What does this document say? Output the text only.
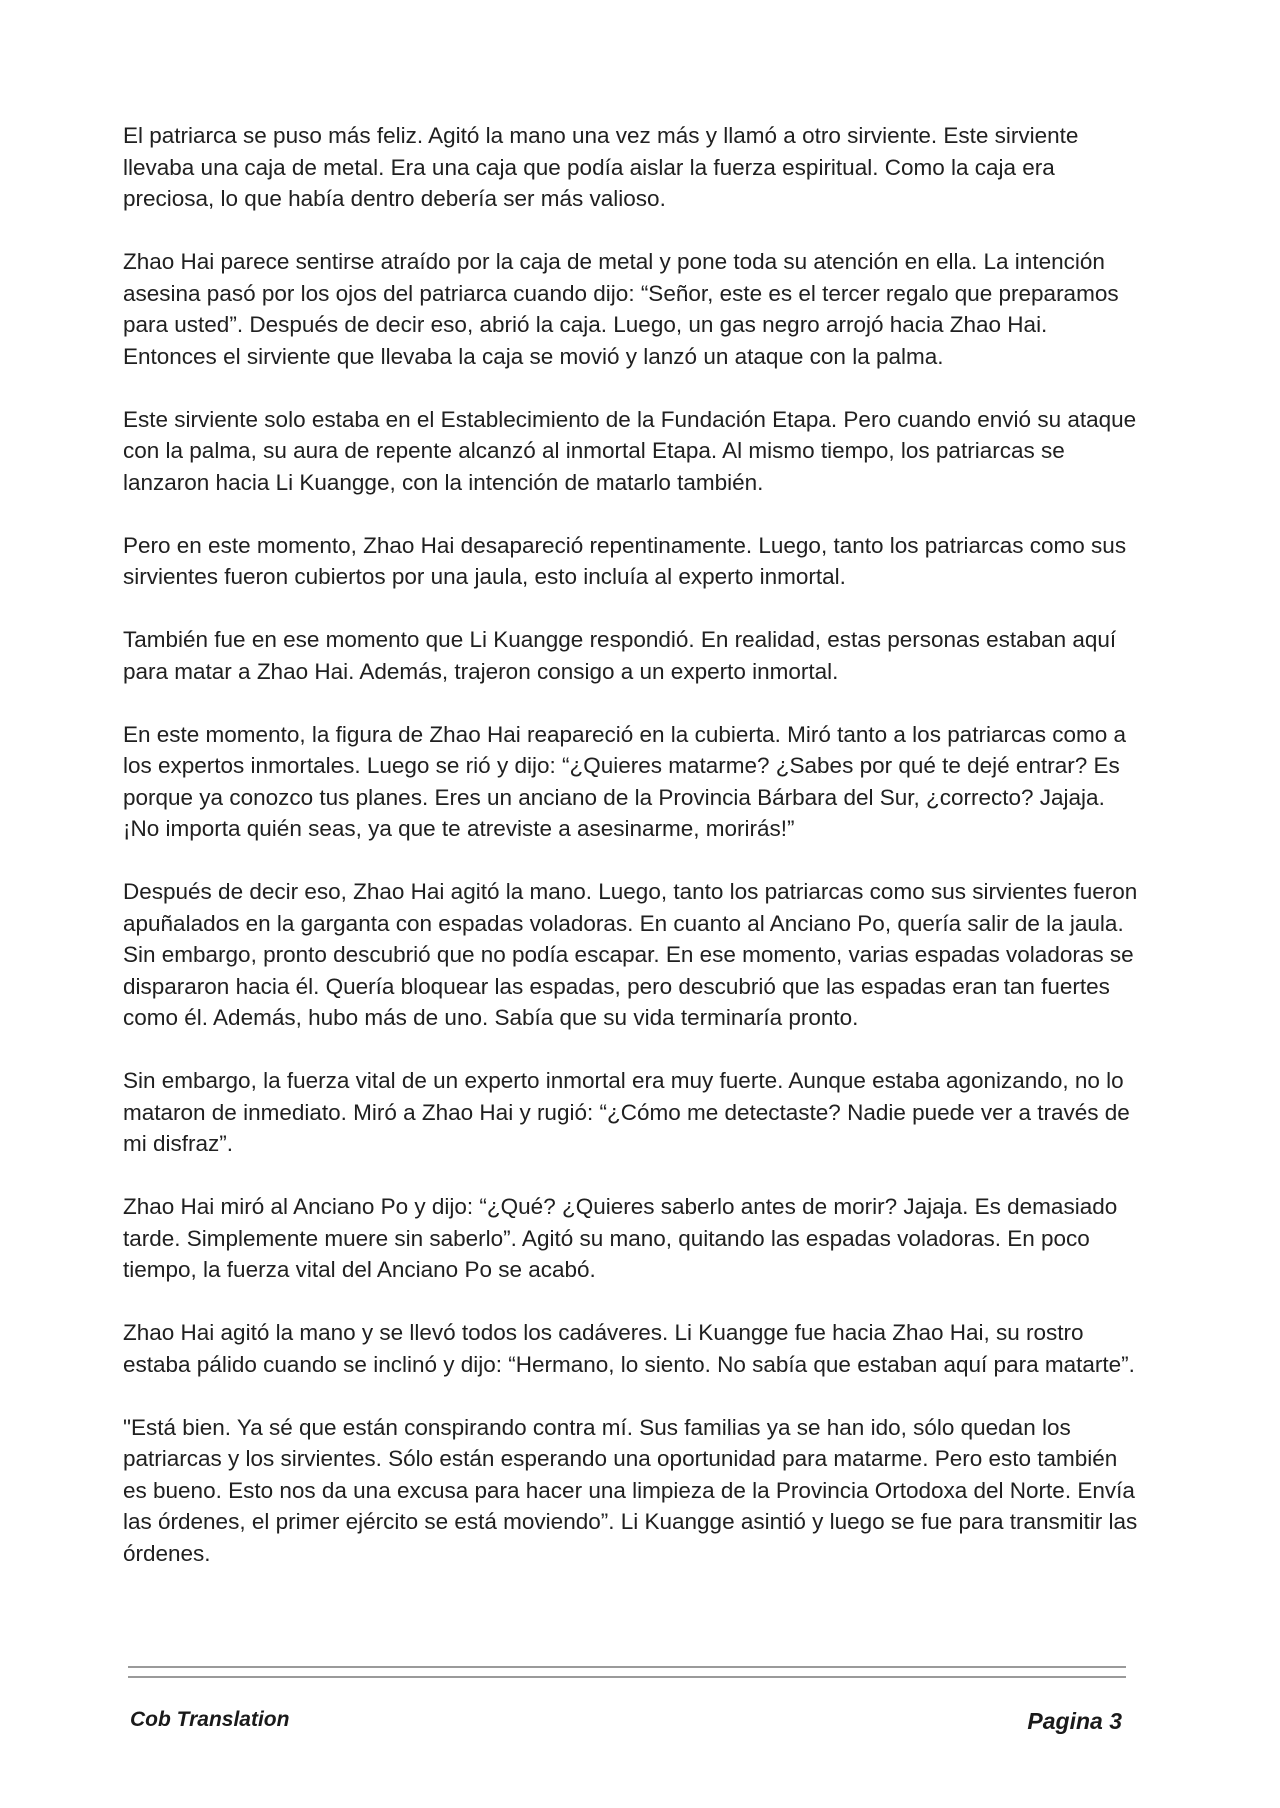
El patriarca se puso más feliz. Agitó la mano una vez más y llamó a otro sirviente. Este sirviente llevaba una caja de metal. Era una caja que podía aislar la fuerza espiritual. Como la caja era preciosa, lo que había dentro debería ser más valioso.

Zhao Hai parece sentirse atraído por la caja de metal y pone toda su atención en ella. La intención asesina pasó por los ojos del patriarca cuando dijo: “Señor, este es el tercer regalo que preparamos para usted”. Después de decir eso, abrió la caja. Luego, un gas negro arrojó hacia Zhao Hai. Entonces el sirviente que llevaba la caja se movió y lanzó un ataque con la palma.

Este sirviente solo estaba en el Establecimiento de la Fundación Etapa. Pero cuando envió su ataque con la palma, su aura de repente alcanzó al inmortal Etapa. Al mismo tiempo, los patriarcas se lanzaron hacia Li Kuangge, con la intención de matarlo también.

Pero en este momento, Zhao Hai desapareció repentinamente. Luego, tanto los patriarcas como sus sirvientes fueron cubiertos por una jaula, esto incluía al experto inmortal.

También fue en ese momento que Li Kuangge respondió. En realidad, estas personas estaban aquí para matar a Zhao Hai. Además, trajeron consigo a un experto inmortal.

En este momento, la figura de Zhao Hai reapareció en la cubierta. Miró tanto a los patriarcas como a los expertos inmortales. Luego se rió y dijo: “¿Quieres matarme? ¿Sabes por qué te dejé entrar? Es porque ya conozco tus planes. Eres un anciano de la Provincia Bárbara del Sur, ¿correcto? Jajaja. ¡No importa quién seas, ya que te atreviste a asesinarme, morirás!”

Después de decir eso, Zhao Hai agitó la mano. Luego, tanto los patriarcas como sus sirvientes fueron apuñalados en la garganta con espadas voladoras. En cuanto al Anciano Po, quería salir de la jaula. Sin embargo, pronto descubrió que no podía escapar. En ese momento, varias espadas voladoras se dispararon hacia él. Quería bloquear las espadas, pero descubrió que las espadas eran tan fuertes como él. Además, hubo más de uno. Sabía que su vida terminaría pronto.

Sin embargo, la fuerza vital de un experto inmortal era muy fuerte. Aunque estaba agonizando, no lo mataron de inmediato. Miró a Zhao Hai y rugió: “¿Cómo me detectaste? Nadie puede ver a través de mi disfraz”.

Zhao Hai miró al Anciano Po y dijo: “¿Qué? ¿Quieres saberlo antes de morir? Jajaja. Es demasiado tarde. Simplemente muere sin saberlo”. Agitó su mano, quitando las espadas voladoras. En poco tiempo, la fuerza vital del Anciano Po se acabó.

Zhao Hai agitó la mano y se llevó todos los cadáveres. Li Kuangge fue hacia Zhao Hai, su rostro estaba pálido cuando se inclinó y dijo: “Hermano, lo siento. No sabía que estaban aquí para matarte”.

"Está bien. Ya sé que están conspirando contra mí. Sus familias ya se han ido, sólo quedan los patriarcas y los sirvientes. Sólo están esperando una oportunidad para matarme. Pero esto también es bueno. Esto nos da una excusa para hacer una limpieza de la Provincia Ortodoxa del Norte. Envía las órdenes, el primer ejército se está moviendo”. Li Kuangge asintió y luego se fue para transmitir las órdenes.

Cob Translation	Pagina 3
